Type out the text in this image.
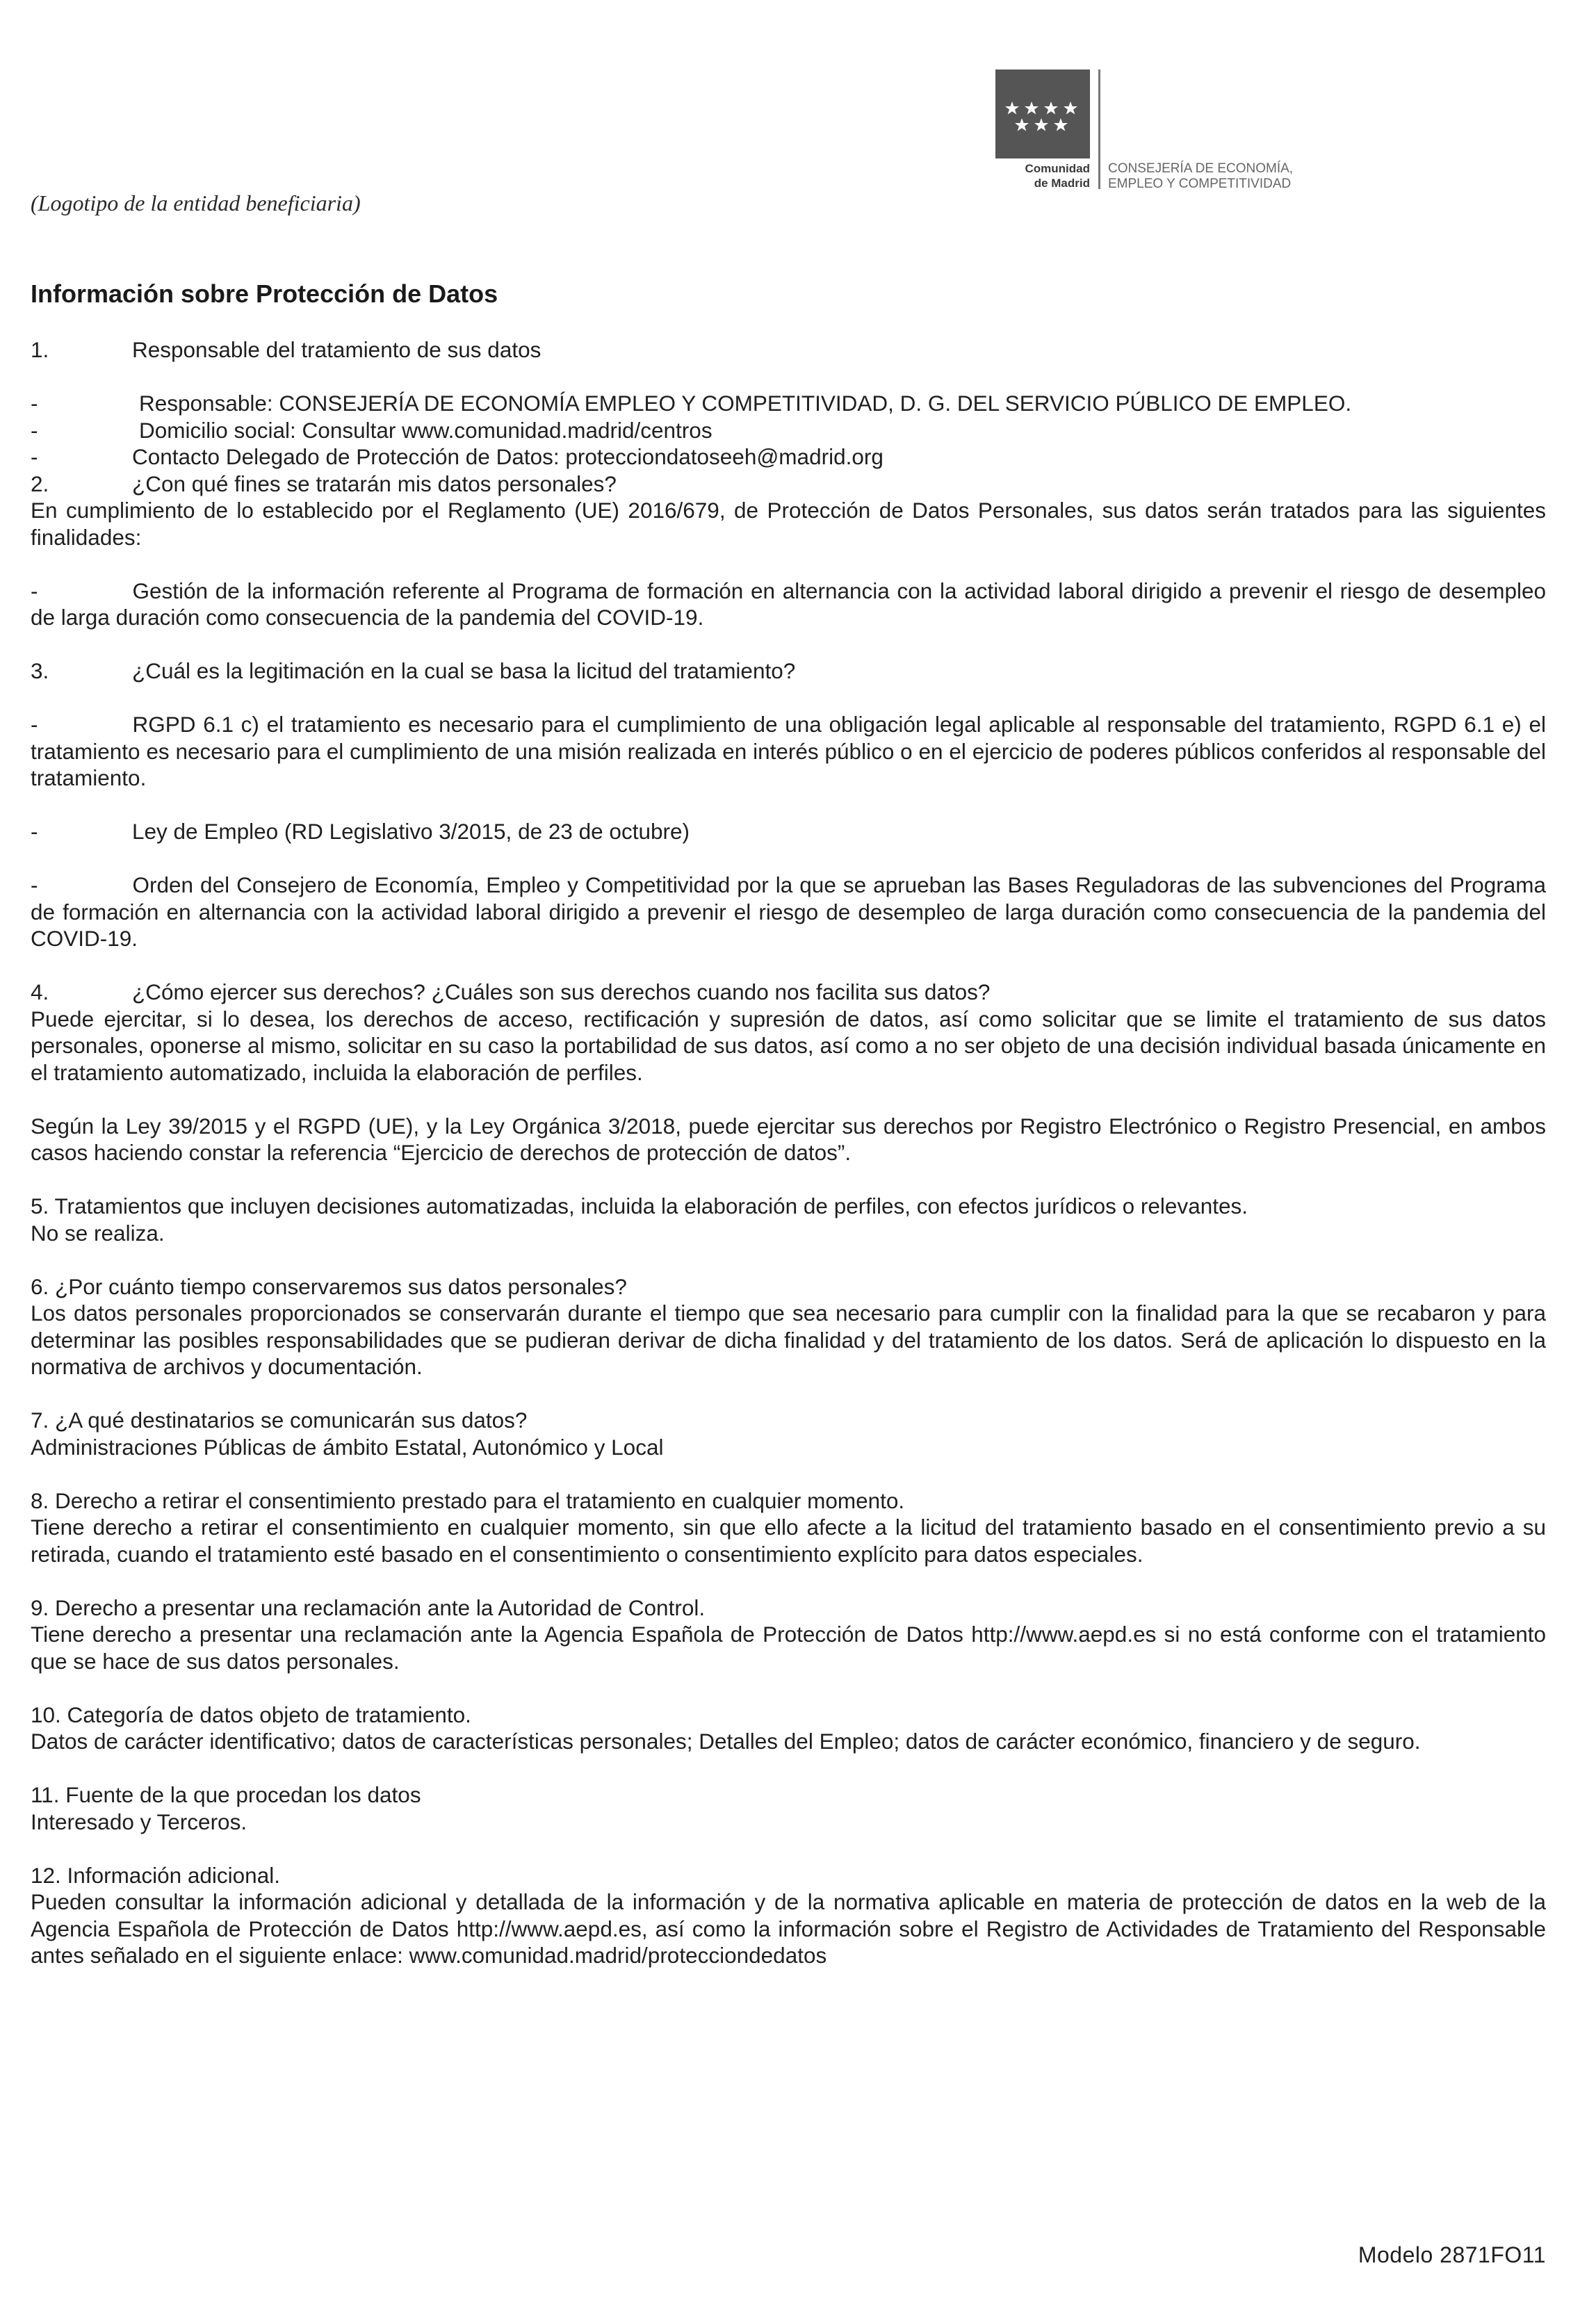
(Logotipo de la entidad beneficiaria)
Comunidad
de Madrid
CONSEJERÍA DE ECONOMÍA,
EMPLEO Y COMPETITIVIDAD
Información sobre Protección de Datos
1.	Responsable del tratamiento de sus datos
-	Responsable: CONSEJERÍA DE ECONOMÍA EMPLEO Y COMPETITIVIDAD, D. G. DEL SERVICIO PÚBLICO DE EMPLEO.
-	Domicilio social: Consultar www.comunidad.madrid/centros
-	Contacto Delegado de Protección de Datos: protecciondatoseeh@madrid.org
2.	¿Con qué fines se tratarán mis datos personales?
En cumplimiento de lo establecido por el Reglamento (UE) 2016/679, de Protección de Datos Personales, sus datos serán tratados para las siguientes finalidades:
-	Gestión de la información referente al Programa de formación en alternancia con la actividad laboral dirigido a prevenir el riesgo de desempleo de larga duración como consecuencia de la pandemia del COVID-19.
3.	¿Cuál es la legitimación en la cual se basa la licitud del tratamiento?
-	RGPD 6.1 c) el tratamiento es necesario para el cumplimiento de una obligación legal aplicable al responsable del tratamiento, RGPD 6.1 e) el tratamiento es necesario para el cumplimiento de una misión realizada en interés público o en el ejercicio de poderes públicos conferidos al responsable del tratamiento.
-	Ley de Empleo (RD Legislativo 3/2015, de 23 de octubre)
-	Orden del Consejero de Economía, Empleo y Competitividad por la que se aprueban las Bases Reguladoras de las subvenciones del Programa de formación en alternancia con la actividad laboral dirigido a prevenir el riesgo de desempleo de larga duración como consecuencia de la pandemia del COVID-19.
4.	¿Cómo ejercer sus derechos? ¿Cuáles son sus derechos cuando nos facilita sus datos?
Puede ejercitar, si lo desea, los derechos de acceso, rectificación y supresión de datos, así como solicitar que se limite el tratamiento de sus datos personales, oponerse al mismo, solicitar en su caso la portabilidad de sus datos, así como a no ser objeto de una decisión individual basada únicamente en el tratamiento automatizado, incluida la elaboración de perfiles.
Según la Ley 39/2015 y el RGPD (UE), y la Ley Orgánica 3/2018, puede ejercitar sus derechos por Registro Electrónico o Registro Presencial, en ambos casos haciendo constar la referencia “Ejercicio de derechos de protección de datos”.
5. Tratamientos que incluyen decisiones automatizadas, incluida la elaboración de perfiles, con efectos jurídicos o relevantes.
No se realiza.
6. ¿Por cuánto tiempo conservaremos sus datos personales?
Los datos personales proporcionados se conservarán durante el tiempo que sea necesario para cumplir con la finalidad para la que se recabaron y para determinar las posibles responsabilidades que se pudieran derivar de dicha finalidad y del tratamiento de los datos. Será de aplicación lo dispuesto en la normativa de archivos y documentación.
7. ¿A qué destinatarios se comunicarán sus datos?
Administraciones Públicas de ámbito Estatal, Autonómico y Local
8. Derecho a retirar el consentimiento prestado para el tratamiento en cualquier momento.
Tiene derecho a retirar el consentimiento en cualquier momento, sin que ello afecte a la licitud del tratamiento basado en el consentimiento previo a su retirada, cuando el tratamiento esté basado en el consentimiento o consentimiento explícito para datos especiales.
9. Derecho a presentar una reclamación ante la Autoridad de Control.
Tiene derecho a presentar una reclamación ante la Agencia Española de Protección de Datos http://www.aepd.es si no está conforme con el tratamiento que se hace de sus datos personales.
10. Categoría de datos objeto de tratamiento.
Datos de carácter identificativo; datos de características personales; Detalles del Empleo; datos de carácter económico, financiero y de seguro.
11. Fuente de la que procedan los datos
Interesado y Terceros.
12. Información adicional.
Pueden consultar la información adicional y detallada de la información y de la normativa aplicable en materia de protección de datos en la web de la Agencia Española de Protección de Datos http://www.aepd.es, así como la información sobre el Registro de Actividades de Tratamiento del Responsable antes señalado en el siguiente enlace: www.comunidad.madrid/protecciondedatos
Modelo 2871FO11
